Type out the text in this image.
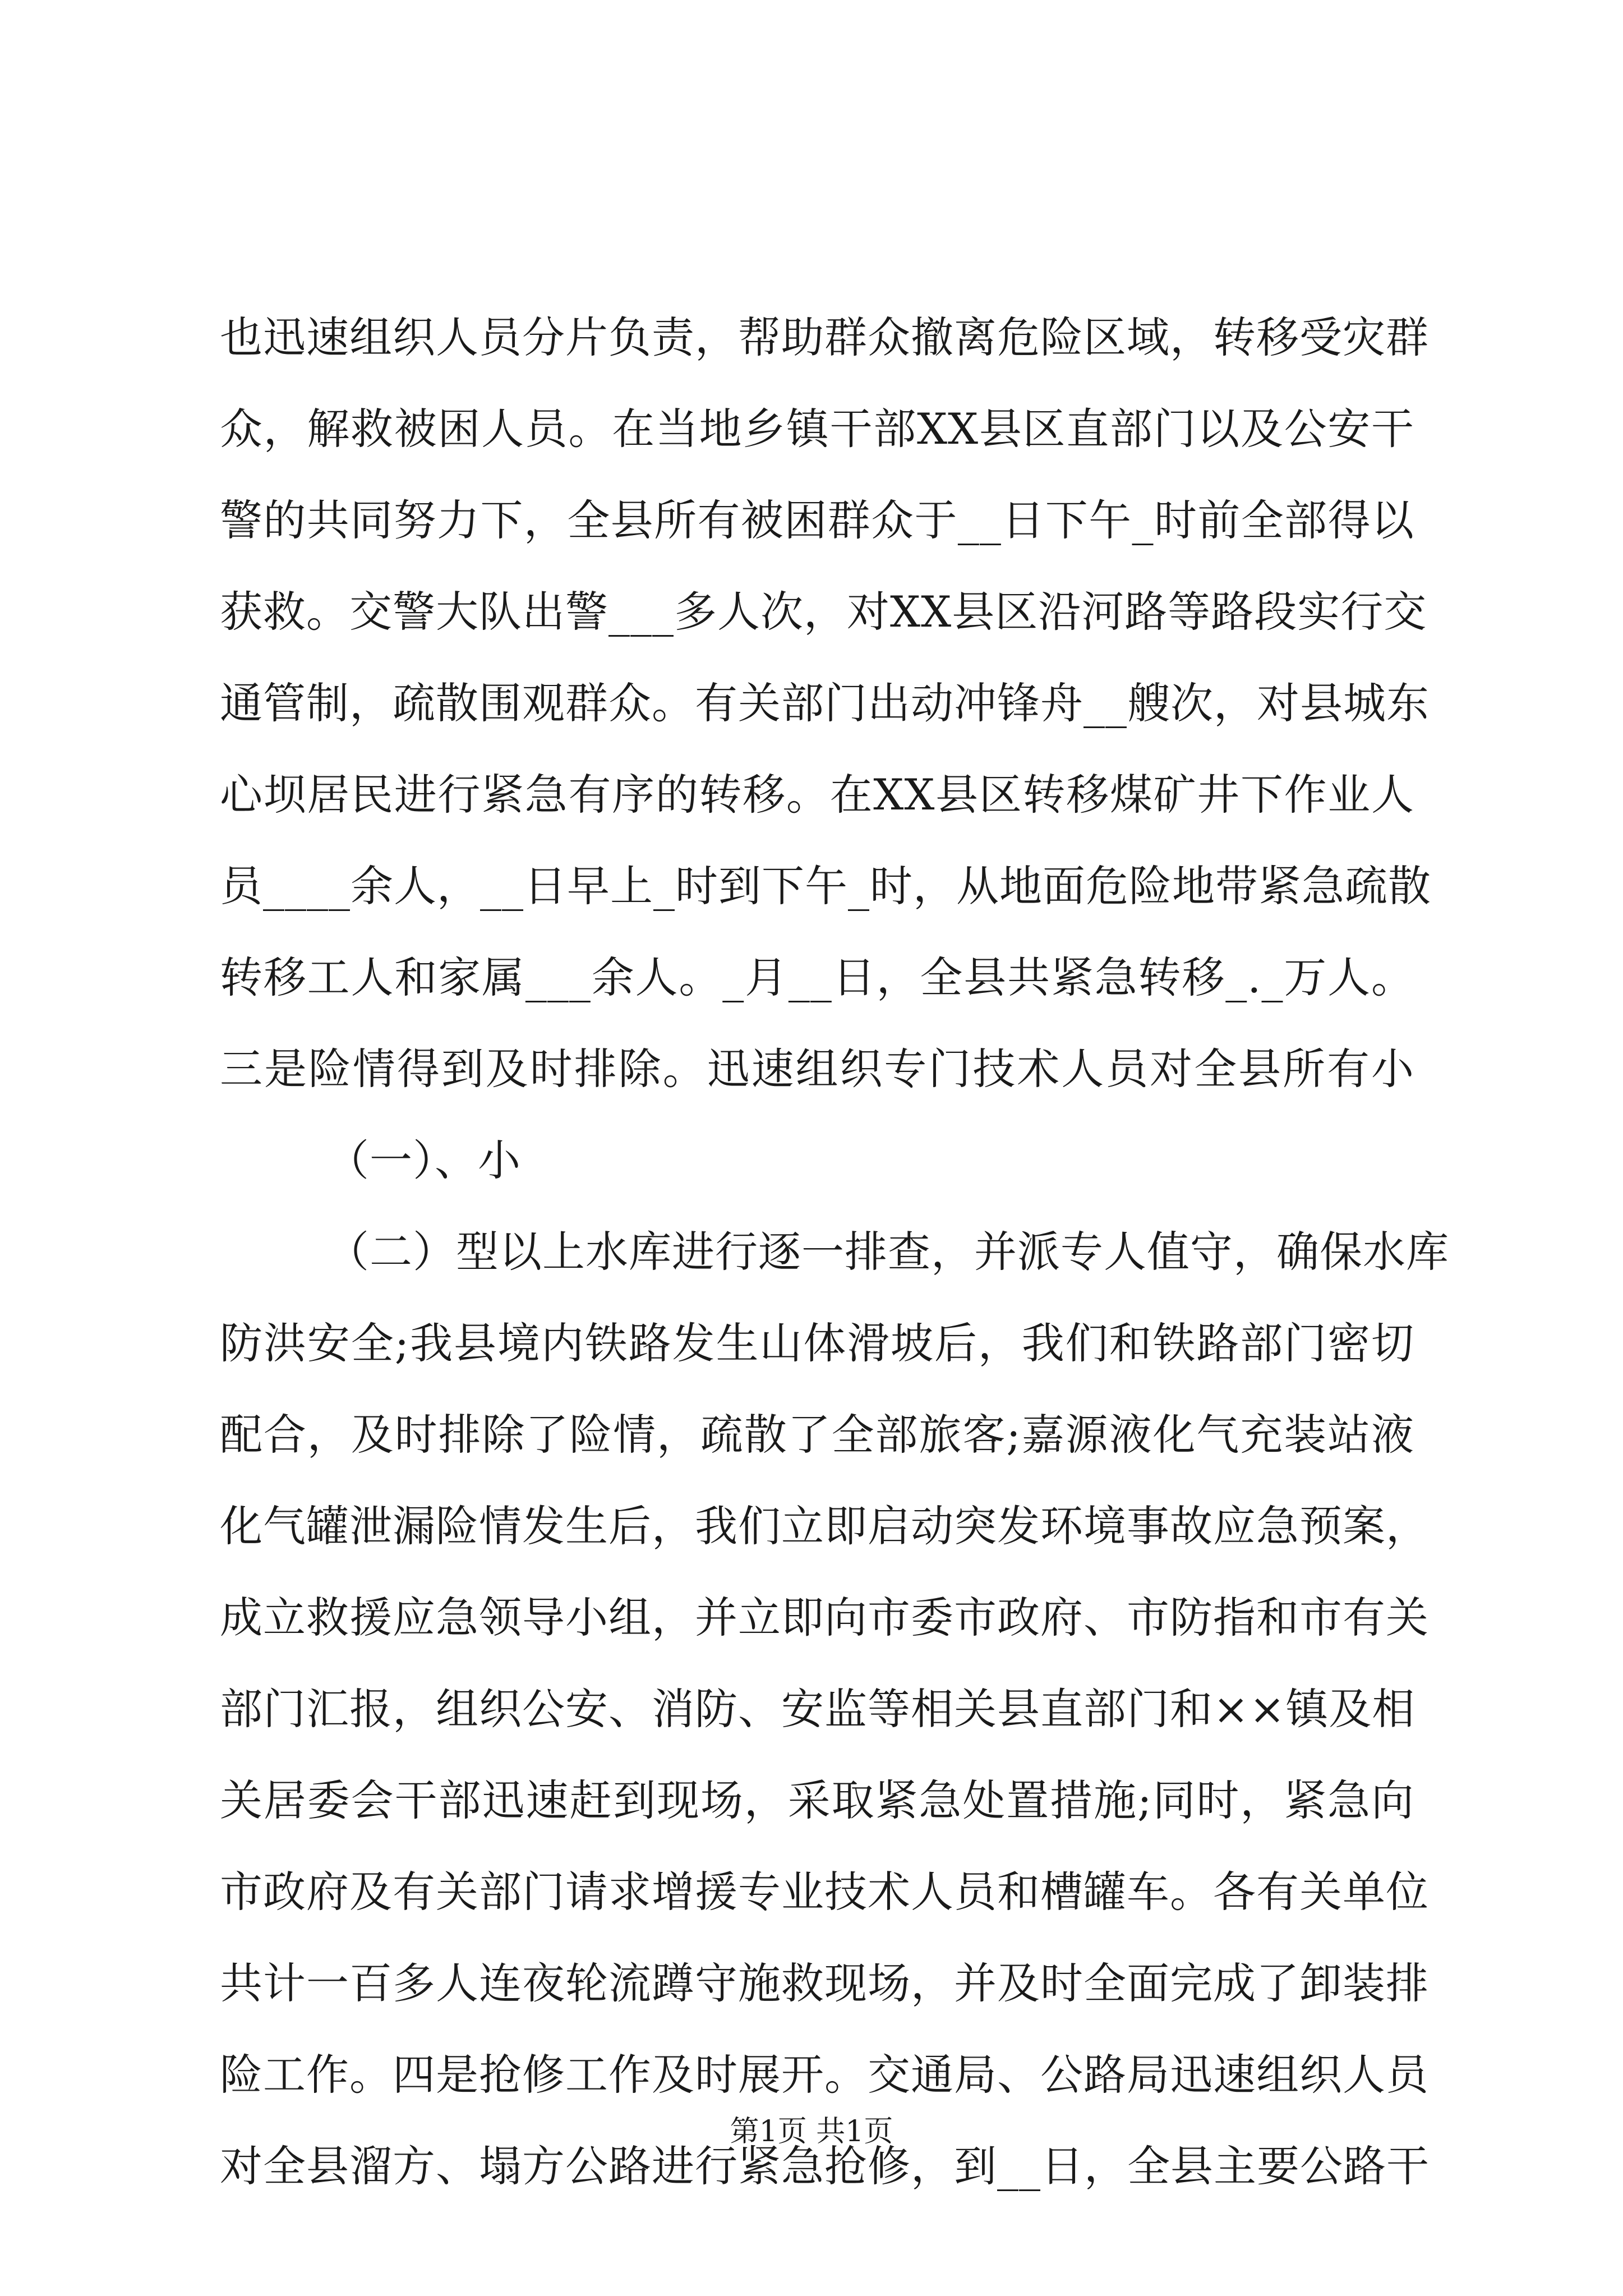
也迅速组织人员分片负责，帮助群众撤离危险区域，转移受灾群
众，解救被困人员。在当地乡镇干部XX县区直部门以及公安干
警的共同努力下，全县所有被困群众于__日下午_时前全部得以
获救。交警大队出警___多人次，对XX县区沿河路等路段实行交
通管制，疏散围观群众。有关部门出动冲锋舟__艘次，对县城东
心坝居民进行紧急有序的转移。在XX县区转移煤矿井下作业人
员____余人，__日早上_时到下午_时，从地面危险地带紧急疏散
转移工人和家属___余人。_月__日，全县共紧急转移_._万人。
三是险情得到及时排除。迅速组织专门技术人员对全县所有小
（一）、小
（二）型以上水库进行逐一排查，并派专人值守，确保水库
防洪安全;我县境内铁路发生山体滑坡后，我们和铁路部门密切
配合，及时排除了险情，疏散了全部旅客;嘉源液化气充装站液
化气罐泄漏险情发生后，我们立即启动突发环境事故应急预案，
成立救援应急领导小组，并立即向市委市政府、市防指和市有关
部门汇报，组织公安、消防、安监等相关县直部门和××镇及相
关居委会干部迅速赶到现场，采取紧急处置措施;同时，紧急向
市政府及有关部门请求增援专业技术人员和槽罐车。各有关单位
共计一百多人连夜轮流蹲守施救现场，并及时全面完成了卸装排
险工作。四是抢修工作及时展开。交通局、公路局迅速组织人员
对全县溜方、塌方公路进行紧急抢修，到__日，全县主要公路干
第1页 共1页
